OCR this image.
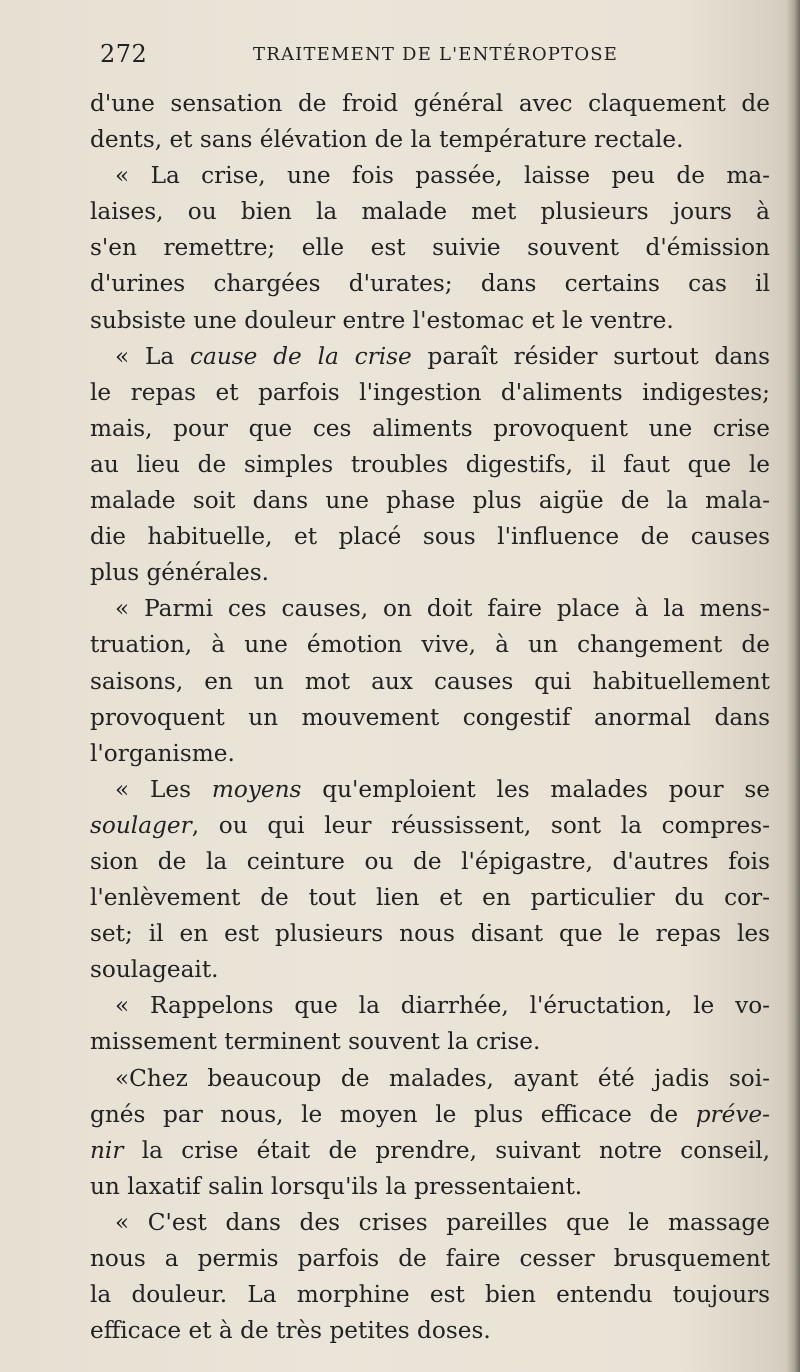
272	TRAITEMENT DE L'ENTÉROPTOSE
d'une sensation de froid général avec claquement de
dents, et sans élévation de la température rectale.
« La crise, une fois passée, laisse peu de ma-
laises, ou bien la malade met plusieurs jours à
s'en remettre; elle est suivie souvent d'émission
d'urines chargées d'urates; dans certains cas il
subsiste une douleur entre l'estomac et le ventre.
« La cause de la crise paraît résider surtout dans
le repas et parfois l'ingestion d'aliments indigestes;
mais, pour que ces aliments provoquent une crise
au lieu de simples troubles digestifs, il faut que le
malade soit dans une phase plus aigüe de la mala-
die habituelle, et placé sous l'influence de causes
plus générales.
« Parmi ces causes, on doit faire place à la mens-
truation, à une émotion vive, à un changement de
saisons, en un mot aux causes qui habituellement
provoquent un mouvement congestif anormal dans
l'organisme.
« Les moyens qu'emploient les malades pour se
soulager, ou qui leur réussissent, sont la compres-
sion de la ceinture ou de l'épigastre, d'autres fois
l'enlèvement de tout lien et en particulier du cor-
set; il en est plusieurs nous disant que le repas les
soulageait.
« Rappelons que la diarrhée, l'éructation, le vo-
missement terminent souvent la crise.
«Chez beaucoup de malades, ayant été jadis soi-
gnés par nous, le moyen le plus efficace de préve-
nir la crise était de prendre, suivant notre conseil,
un laxatif salin lorsqu'ils la pressentaient.
« C'est dans des crises pareilles que le massage
nous a permis parfois de faire cesser brusquement
la douleur. La morphine est bien entendu toujours
efficace et à de très petites doses.
